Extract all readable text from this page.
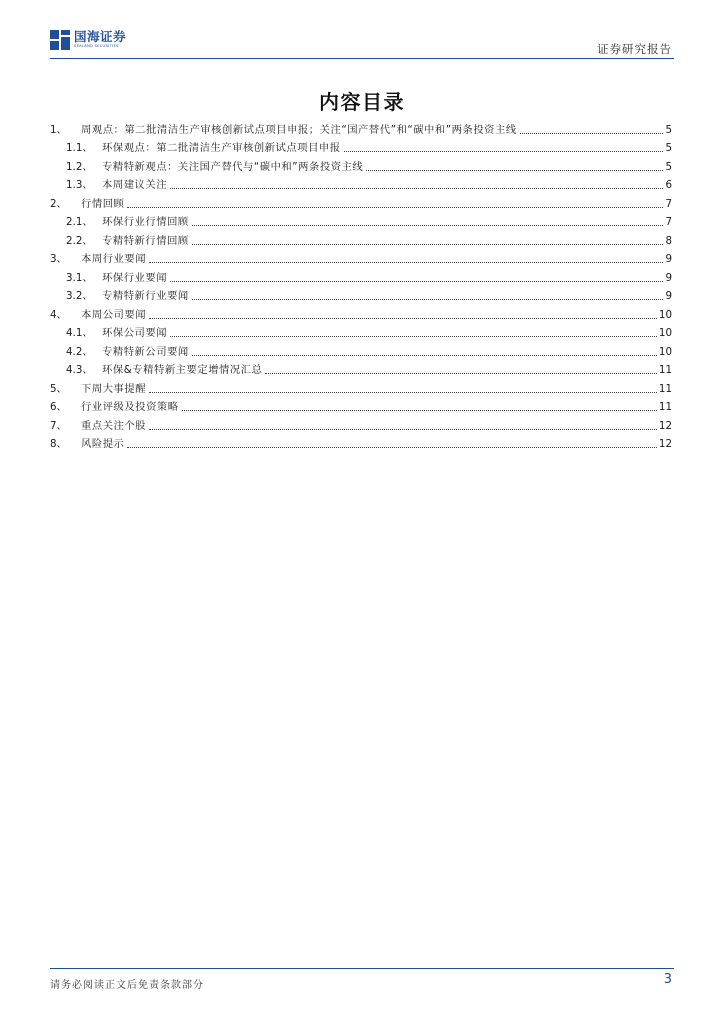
国海证券
SEALAND SECURITIES	证券研究报告
内容目录
1、	周观点：第二批清洁生产审核创新试点项目申报；关注“国产替代”和“碳中和”两条投资主线	5
1.1、 环保观点：第二批清洁生产审核创新试点项目申报	5
1.2、 专精特新观点：关注国产替代与“碳中和”两条投资主线	5
1.3、 本周建议关注	6
2、	行情回顾	7
2.1、 环保行业行情回顾	7
2.2、 专精特新行情回顾	8
3、	本周行业要闻	9
3.1、 环保行业要闻	9
3.2、 专精特新行业要闻	9
4、	本周公司要闻	10
4.1、 环保公司要闻	10
4.2、 专精特新公司要闻	10
4.3、 环保&专精特新主要定增情况汇总	11
5、	下周大事提醒	11
6、	行业评级及投资策略	11
7、	重点关注个股	12
8、	风险提示	12
请务必阅读正文后免责条款部分	3
